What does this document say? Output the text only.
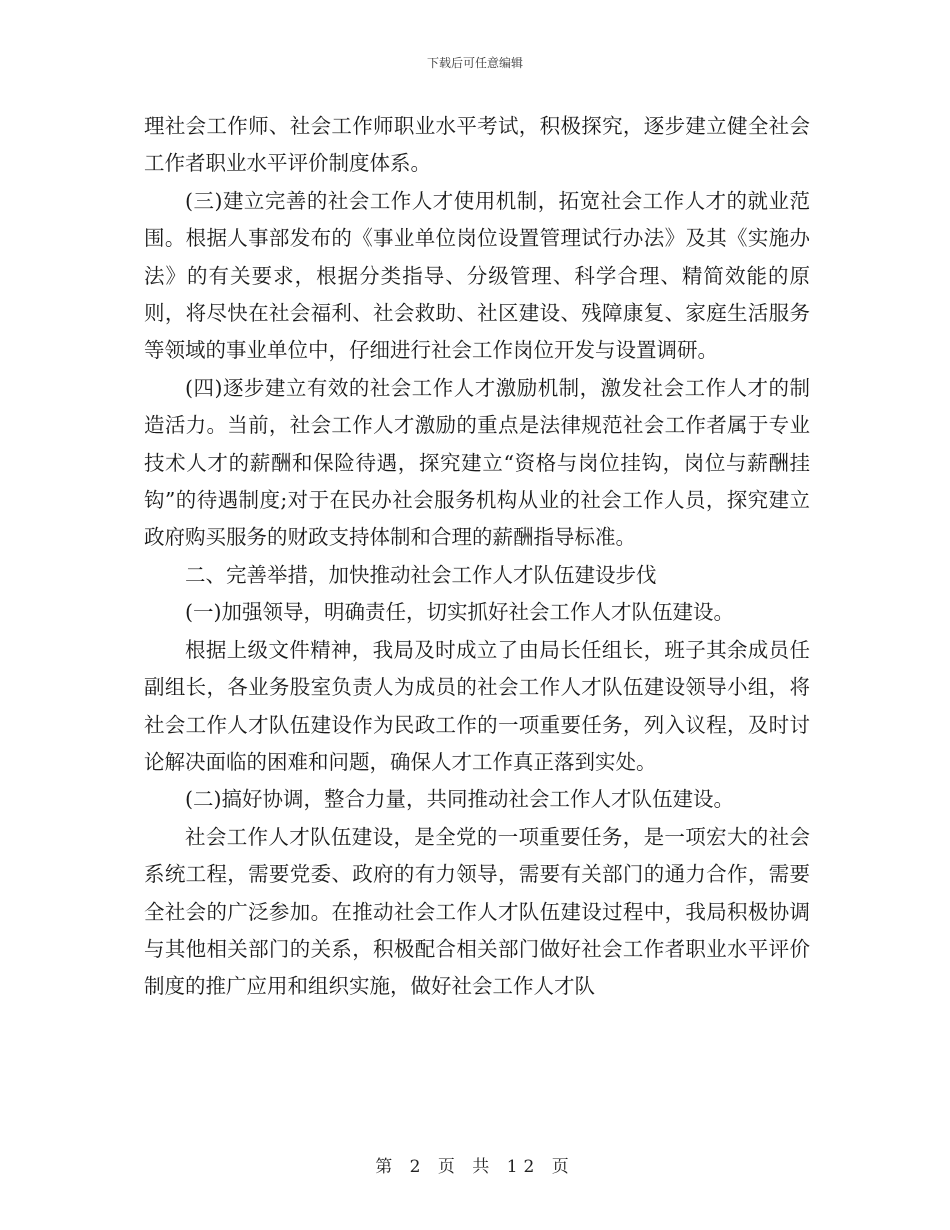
下载后可任意编辑

理社会工作师、社会工作师职业水平考试，积极探究，逐步建立健全社会工作者职业水平评价制度体系。

(三)建立完善的社会工作人才使用机制，拓宽社会工作人才的就业范围。根据人事部发布的《事业单位岗位设置管理试行办法》及其《实施办法》的有关要求，根据分类指导、分级管理、科学合理、精简效能的原则，将尽快在社会福利、社会救助、社区建设、残障康复、家庭生活服务等领域的事业单位中，仔细进行社会工作岗位开发与设置调研。

(四)逐步建立有效的社会工作人才激励机制，激发社会工作人才的制造活力。当前，社会工作人才激励的重点是法律规范社会工作者属于专业技术人才的薪酬和保险待遇，探究建立“资格与岗位挂钩，岗位与薪酬挂钩”的待遇制度;对于在民办社会服务机构从业的社会工作人员，探究建立政府购买服务的财政支持体制和合理的薪酬指导标准。

二、完善举措，加快推动社会工作人才队伍建设步伐

(一)加强领导，明确责任，切实抓好社会工作人才队伍建设。

根据上级文件精神，我局及时成立了由局长任组长，班子其余成员任副组长，各业务股室负责人为成员的社会工作人才队伍建设领导小组，将社会工作人才队伍建设作为民政工作的一项重要任务，列入议程，及时讨论解决面临的困难和问题，确保人才工作真正落到实处。

(二)搞好协调，整合力量，共同推动社会工作人才队伍建设。

社会工作人才队伍建设，是全党的一项重要任务，是一项宏大的社会系统工程，需要党委、政府的有力领导，需要有关部门的通力合作，需要全社会的广泛参加。在推动社会工作人才队伍建设过程中，我局积极协调与其他相关部门的关系，积极配合相关部门做好社会工作者职业水平评价制度的推广应用和组织实施，做好社会工作人才队

第 2 页 共 12 页
